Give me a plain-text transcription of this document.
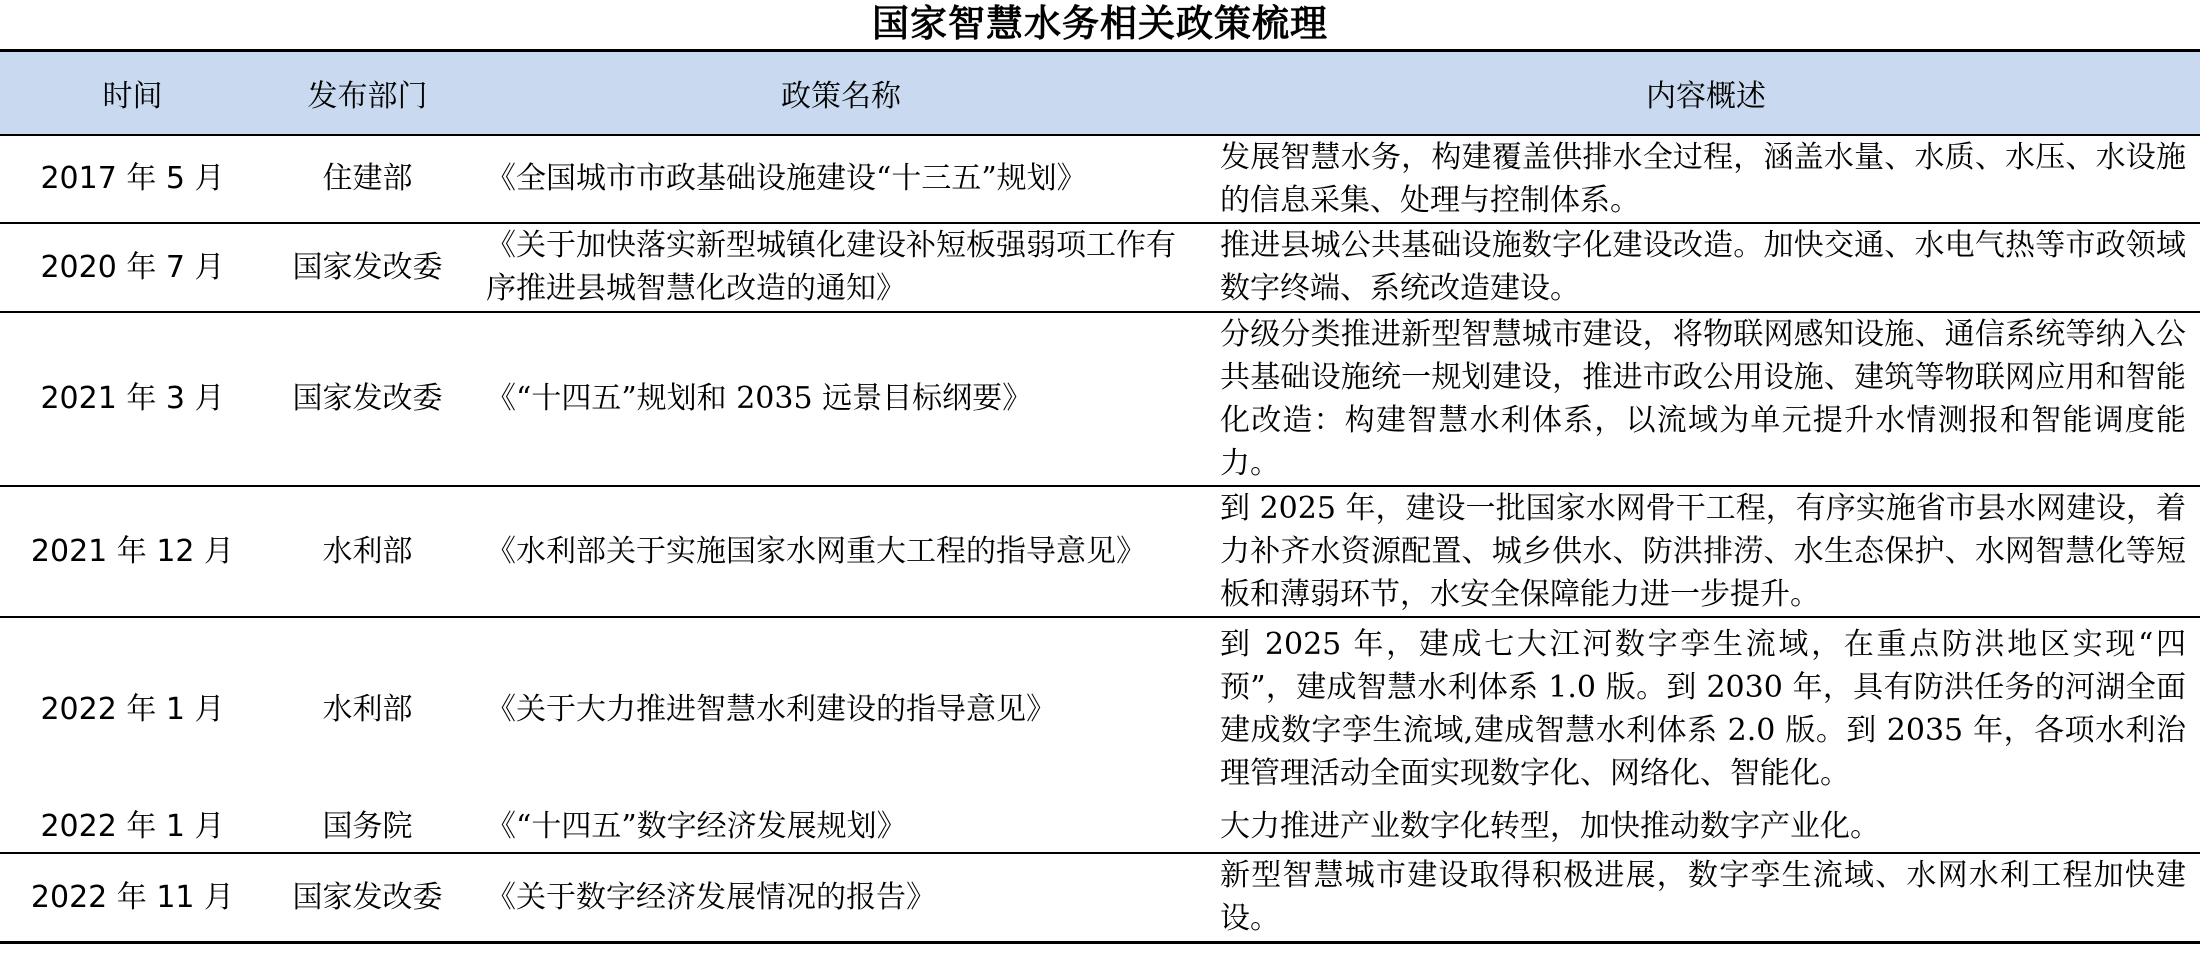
国家智慧水务相关政策梳理
时间	发布部门	政策名称	内容概述
2017 年 5 月	住建部	《全国城市市政基础设施建设“十三五”规划》	发展智慧水务，构建覆盖供排水全过程，涵盖水量、水质、水压、水设施的信息采集、处理与控制体系。
2020 年 7 月	国家发改委	《关于加快落实新型城镇化建设补短板强弱项工作有序推进县城智慧化改造的通知》	推进县城公共基础设施数字化建设改造。加快交通、水电气热等市政领域数字终端、系统改造建设。
2021 年 3 月	国家发改委	《“十四五”规划和 2035 远景目标纲要》	分级分类推进新型智慧城市建设，将物联网感知设施、通信系统等纳入公共基础设施统一规划建设，推进市政公用设施、建筑等物联网应用和智能化改造：构建智慧水利体系，以流域为单元提升水情测报和智能调度能力。
2021 年 12 月	水利部	《水利部关于实施国家水网重大工程的指导意见》	到 2025 年，建设一批国家水网骨干工程，有序实施省市县水网建设，着力补齐水资源配置、城乡供水、防洪排涝、水生态保护、水网智慧化等短板和薄弱环节，水安全保障能力进一步提升。
2022 年 1 月	水利部	《关于大力推进智慧水利建设的指导意见》	到 2025 年，建成七大江河数字孪生流域，在重点防洪地区实现“四预”，建成智慧水利体系 1.0 版。到 2030 年，具有防洪任务的河湖全面建成数字孪生流域,建成智慧水利体系 2.0 版。到 2035 年，各项水利治理管理活动全面实现数字化、网络化、智能化。
2022 年 1 月	国务院	《“十四五”数字经济发展规划》	大力推进产业数字化转型，加快推动数字产业化。
2022 年 11 月	国家发改委	《关于数字经济发展情况的报告》	新型智慧城市建设取得积极进展，数字孪生流域、水网水利工程加快建设。
